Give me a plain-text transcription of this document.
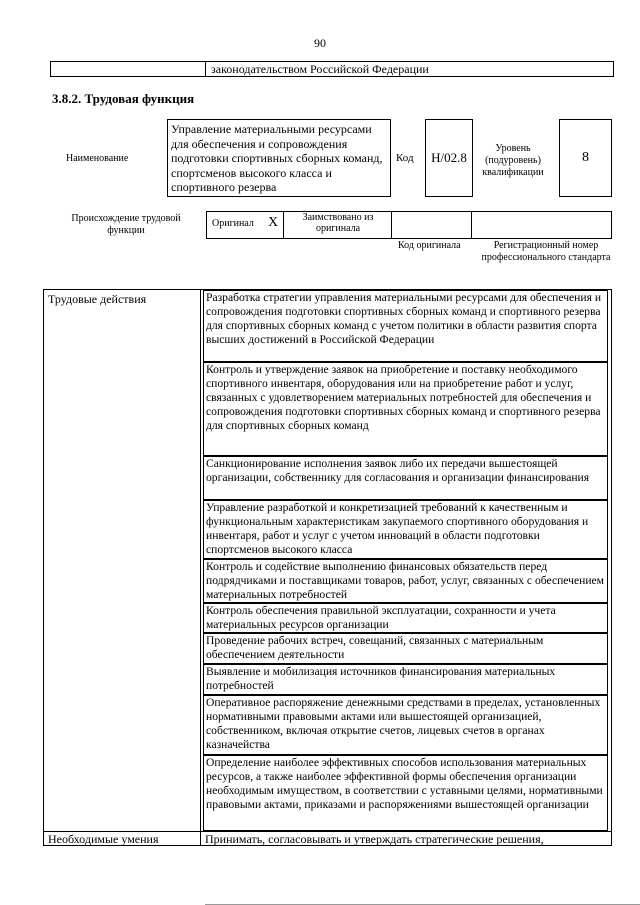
90
законодательством Российской Федерации
3.8.2. Трудовая функция
Наименование
Управление материальными ресурсами для обеспечения и сопровождения подготовки спортивных сборных команд, спортсменов высокого класса и спортивного резерва
Код	H/02.8
Уровень (подуровень) квалификации
8
Происхождение трудовой функции
Оригинал X	Заимствовано из оригинала
Код оригинала	Регистрационный номер профессионального стандарта
Трудовые действия	Разработка стратегии управления материальными ресурсами для обеспечения и сопровождения подготовки спортивных сборных команд и спортивного резерва для спортивных сборных команд с учетом политики в области развития спорта высших достижений в Российской Федерации
Контроль и утверждение заявок на приобретение и поставку необходимого спортивного инвентаря, оборудования или на приобретение работ и услуг, связанных с удовлетворением материальных потребностей для обеспечения и сопровождения подготовки спортивных сборных команд и спортивного резерва для спортивных сборных команд
Санкционирование исполнения заявок либо их передачи вышестоящей организации, собственнику для согласования и организации финансирования
Управление разработкой и конкретизацией требований к качественным и функциональным характеристикам закупаемого спортивного оборудования и инвентаря, работ и услуг с учетом инноваций в области подготовки спортсменов высокого класса
Контроль и содействие выполнению финансовых обязательств перед подрядчиками и поставщиками товаров, работ, услуг, связанных с обеспечением материальных потребностей
Контроль обеспечения правильной эксплуатации, сохранности и учета материальных ресурсов организации
Проведение рабочих встреч, совещаний, связанных с материальным обеспечением деятельности
Выявление и мобилизация источников финансирования материальных потребностей
Оперативное распоряжение денежными средствами в пределах, установленных нормативными правовыми актами или вышестоящей организацией, собственником, включая открытие счетов, лицевых счетов в органах казначейства
Определение наиболее эффективных способов использования материальных ресурсов, а также наиболее эффективной формы обеспечения организации необходимым имуществом, в соответствии с уставными целями, нормативными правовыми актами, приказами и распоряжениями вышестоящей организации
Необходимые умения	Принимать, согласовывать и утверждать стратегические решения,
